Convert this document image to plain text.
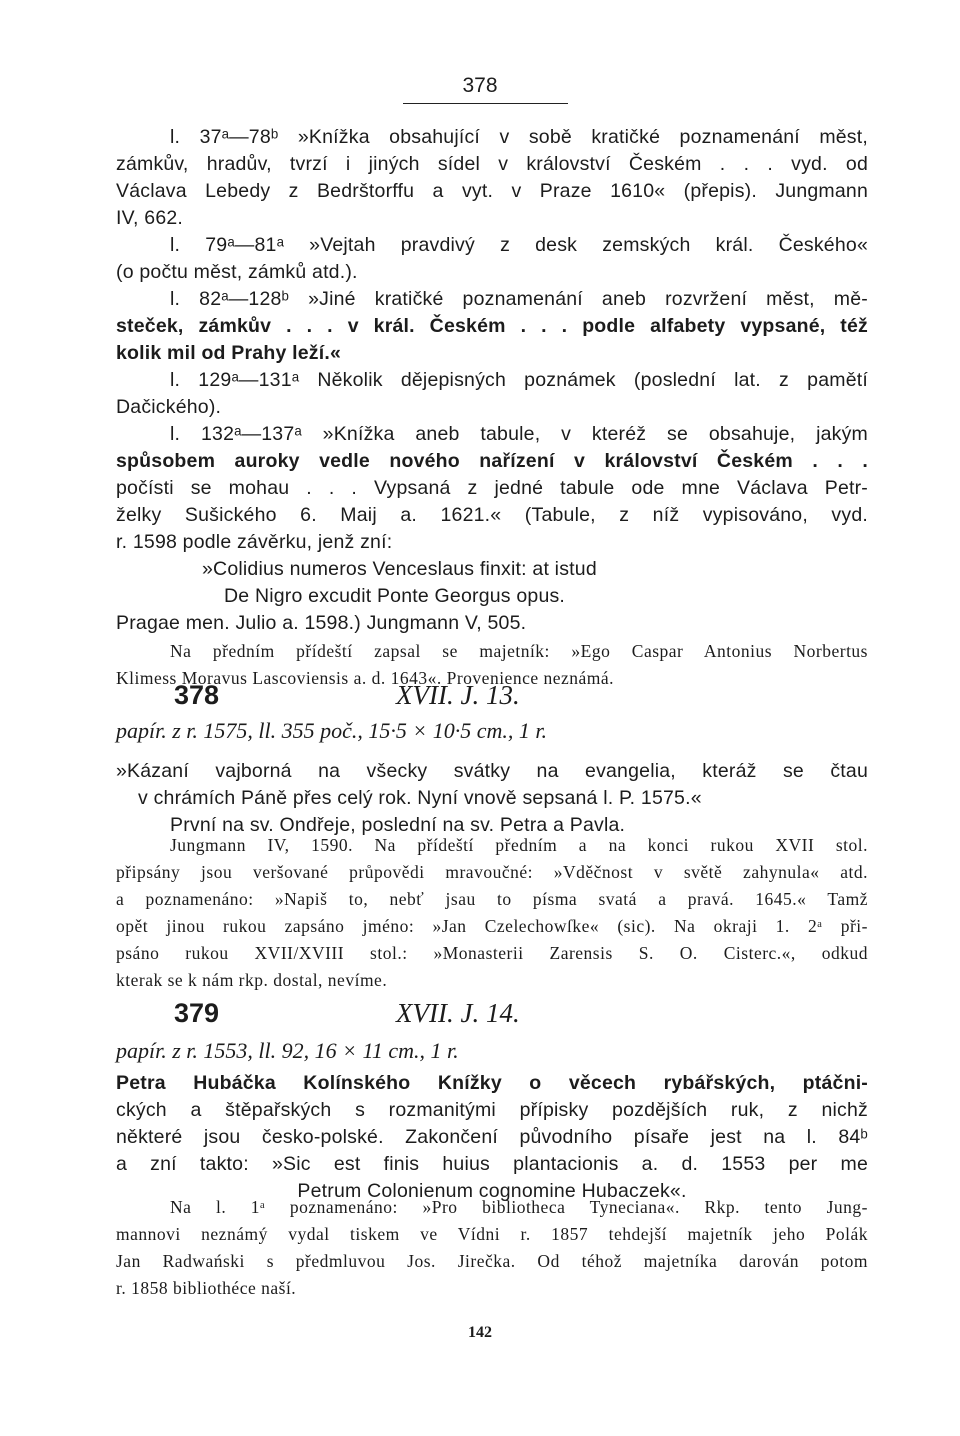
378
l. 37ᵃ—78ᵇ »Knížka obsahující v sobě kratičké poznamenání měst,
zámkův, hradův, tvrzí i jiných sídel v království Českém . . . vyd. od
Václava Lebedy z Bedrštorffu a vyt. v Praze 1610« (přepis). Jungmann
IV, 662.
l. 79ᵃ—81ᵃ »Vejtah pravdivý z desk zemských král. Českého«
(o počtu měst, zámků atd.).
l. 82ᵃ—128ᵇ »Jiné kratičké poznamenání aneb rozvržení měst, mě-
steček, zámkův . . . v král. Českém . . . podle alfabety vypsané, též
kolik mil od Prahy leží.«
l. 129ᵃ—131ᵃ Několik dějepisných poznámek (poslední lat. z pamětí
Dačického).
l. 132ᵃ—137ᵃ »Knížka aneb tabule, v kteréž se obsahuje, jakým
spůsobem auroky vedle nového nařízení v království Českém . . .
počísti se mohau . . . Vypsaná z jedné tabule ode mne Václava Petr-
želky Sušického 6. Maij a. 1621.« (Tabule, z níž vypisováno, vyd.
r. 1598 podle závěrku, jenž zní:
»Colidius numeros Venceslaus finxit: at istud
De Nigro excudit Ponte Georgus opus.
Pragae men. Julio a. 1598.) Jungmann V, 505.
Na předním přídeští zapsal se majetník: »Ego Caspar Antonius Norbertus
Klimess Moravus Lascoviensis a. d. 1643«. Provenience neznámá.
378	XVII. J. 13.
papír. z r. 1575, ll. 355 poč., 15·5 × 10·5 cm., 1 r.
»Kázaní vajborná na všecky svátky na evangelia, kteráž se čtau
v chrámích Páně přes celý rok. Nyní vnově sepsaná l. P. 1575.«
První na sv. Ondřeje, poslední na sv. Petra a Pavla.
Jungmann IV, 1590. Na přídeští předním a na konci rukou XVII stol.
připsány jsou veršované průpovědi mravoučné: »Vděčnost v světě zahynula« atd.
a poznamenáno: »Napiš to, nebť jsau to písma svatá a pravá. 1645.« Tamž
opět jinou rukou zapsáno jméno: »Jan Czelechowſke« (sic). Na okraji 1. 2ᵃ při-
psáno rukou XVII/XVIII stol.: »Monasterii Zarensis S. O. Cisterc.«, odkud
kterak se k nám rkp. dostal, nevíme.
379	XVII. J. 14.
papír. z r. 1553, ll. 92, 16 × 11 cm., 1 r.
Petra Hubáčka Kolínského Knížky o věcech rybářských, ptáčni-
ckých a štěpařských s rozmanitými přípisky pozdějších ruk, z nichž
některé jsou česko-polské. Zakončení původního písaře jest na l. 84ᵇ
a zní takto: »Sic est finis huius plantacionis a. d. 1553 per me
Petrum Colonienum cognomine Hubaczek«.
Na l. 1ᵃ poznamenáno: »Pro bibliotheca Tyneciana«. Rkp. tento Jung-
mannovi neznámý vydal tiskem ve Vídni r. 1857 tehdejší majetník jeho Polák
Jan Radwański s předmluvou Jos. Jirečka. Od téhož majetníka darován potom
r. 1858 bibliothéce naší.
142
